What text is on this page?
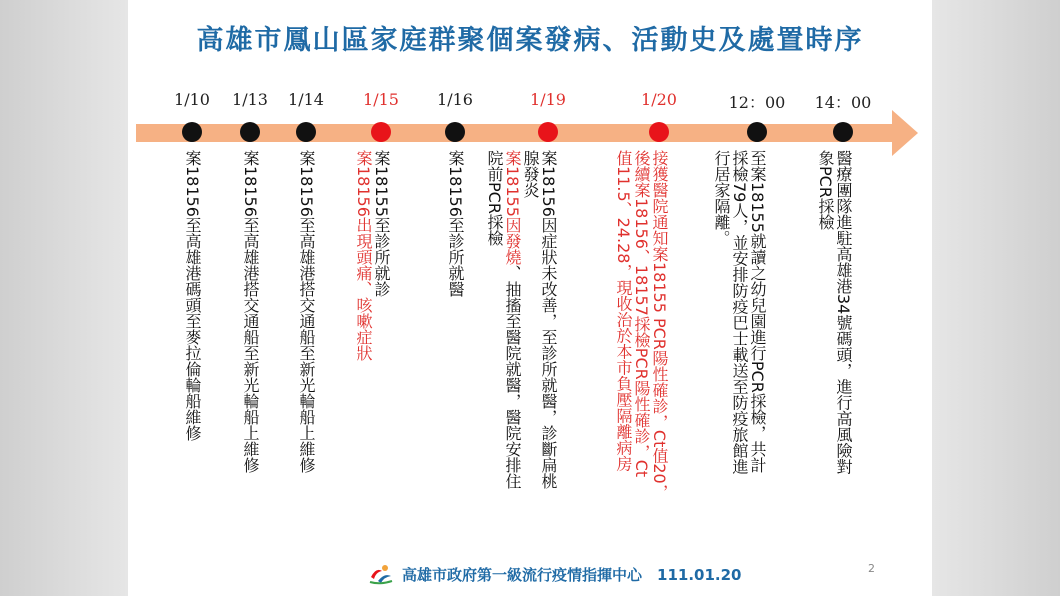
高雄市鳳山區家庭群聚個案發病、活動史及處置時序
1/10
案18156至高雄港碼頭至麥拉倫輪船維修
1/13
案18156至高雄港搭交通船至新光輪船上維修
1/14
案18156至高雄港搭交通船至新光輪船上維修
1/15
案18155至診所就診
案18156出現頭痛、咳嗽症狀
1/16
案18156至診所就醫
1/19
案18156因症狀未改善，至診所就醫，診斷扁桃
腺發炎
案18155因發燒、抽搐至醫院就醫，醫院安排住
院前PCR採檢
1/20
接獲醫院通知案18155 PCR陽性確診，Ct值20，
後續案18156、18157採檢PCR陽性確診，Ct
值11.5、24.28，現收治於本市負壓隔離病房
12：00
至案18155就讀之幼兒園進行PCR採檢，共計
採檢79人，並安排防疫巴士載送至防疫旅館進
行居家隔離。
14：00
醫療團隊進駐高雄港34號碼頭，進行高風險對
象PCR採檢
高雄市政府第一級流行疫情指揮中心　111.01.20	2
